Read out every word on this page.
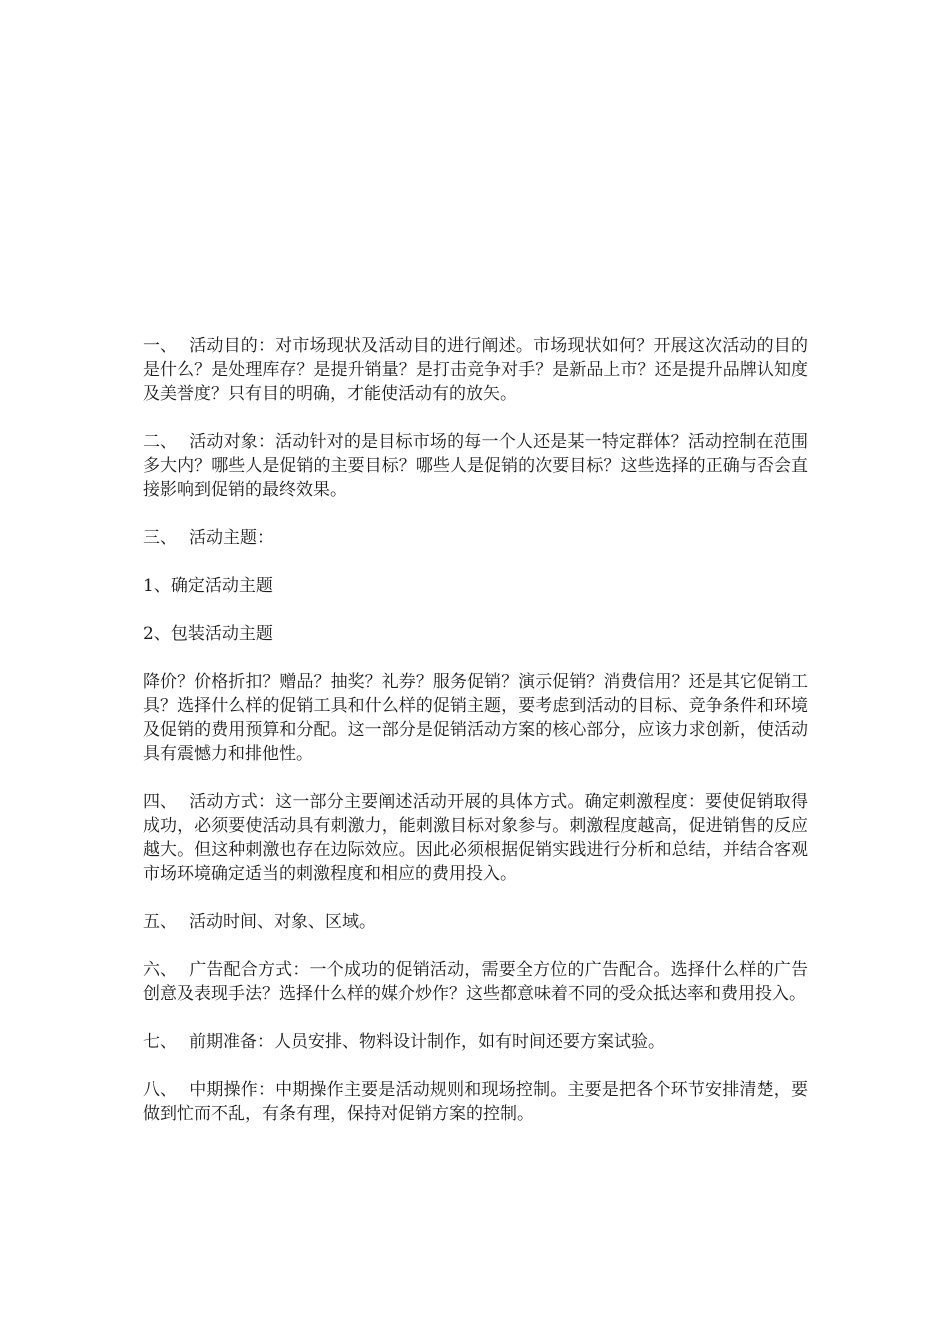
一、 活动目的：对市场现状及活动目的进行阐述。市场现状如何？开展这次活动的目的是什么？是处理库存？是提升销量？是打击竞争对手？是新品上市？还是提升品牌认知度及美誉度？只有目的明确，才能使活动有的放矢。

二、 活动对象：活动针对的是目标市场的每一个人还是某一特定群体？活动控制在范围多大内？哪些人是促销的主要目标？哪些人是促销的次要目标？这些选择的正确与否会直接影响到促销的最终效果。

三、 活动主题：

1、确定活动主题

2、包装活动主题

降价？价格折扣？赠品？抽奖？礼券？服务促销？演示促销？消费信用？还是其它促销工具？选择什么样的促销工具和什么样的促销主题，要考虑到活动的目标、竞争条件和环境及促销的费用预算和分配。这一部分是促销活动方案的核心部分，应该力求创新，使活动具有震憾力和排他性。

四、 活动方式：这一部分主要阐述活动开展的具体方式。确定刺激程度：要使促销取得成功，必须要使活动具有刺激力，能刺激目标对象参与。刺激程度越高，促进销售的反应越大。但这种刺激也存在边际效应。因此必须根据促销实践进行分析和总结，并结合客观市场环境确定适当的刺激程度和相应的费用投入。

五、 活动时间、对象、区域。

六、 广告配合方式：一个成功的促销活动，需要全方位的广告配合。选择什么样的广告创意及表现手法？选择什么样的媒介炒作？这些都意味着不同的受众抵达率和费用投入。

七、 前期准备：人员安排、物料设计制作，如有时间还要方案试验。

八、 中期操作：中期操作主要是活动规则和现场控制。主要是把各个环节安排清楚，要做到忙而不乱，有条有理，保持对促销方案的控制。
